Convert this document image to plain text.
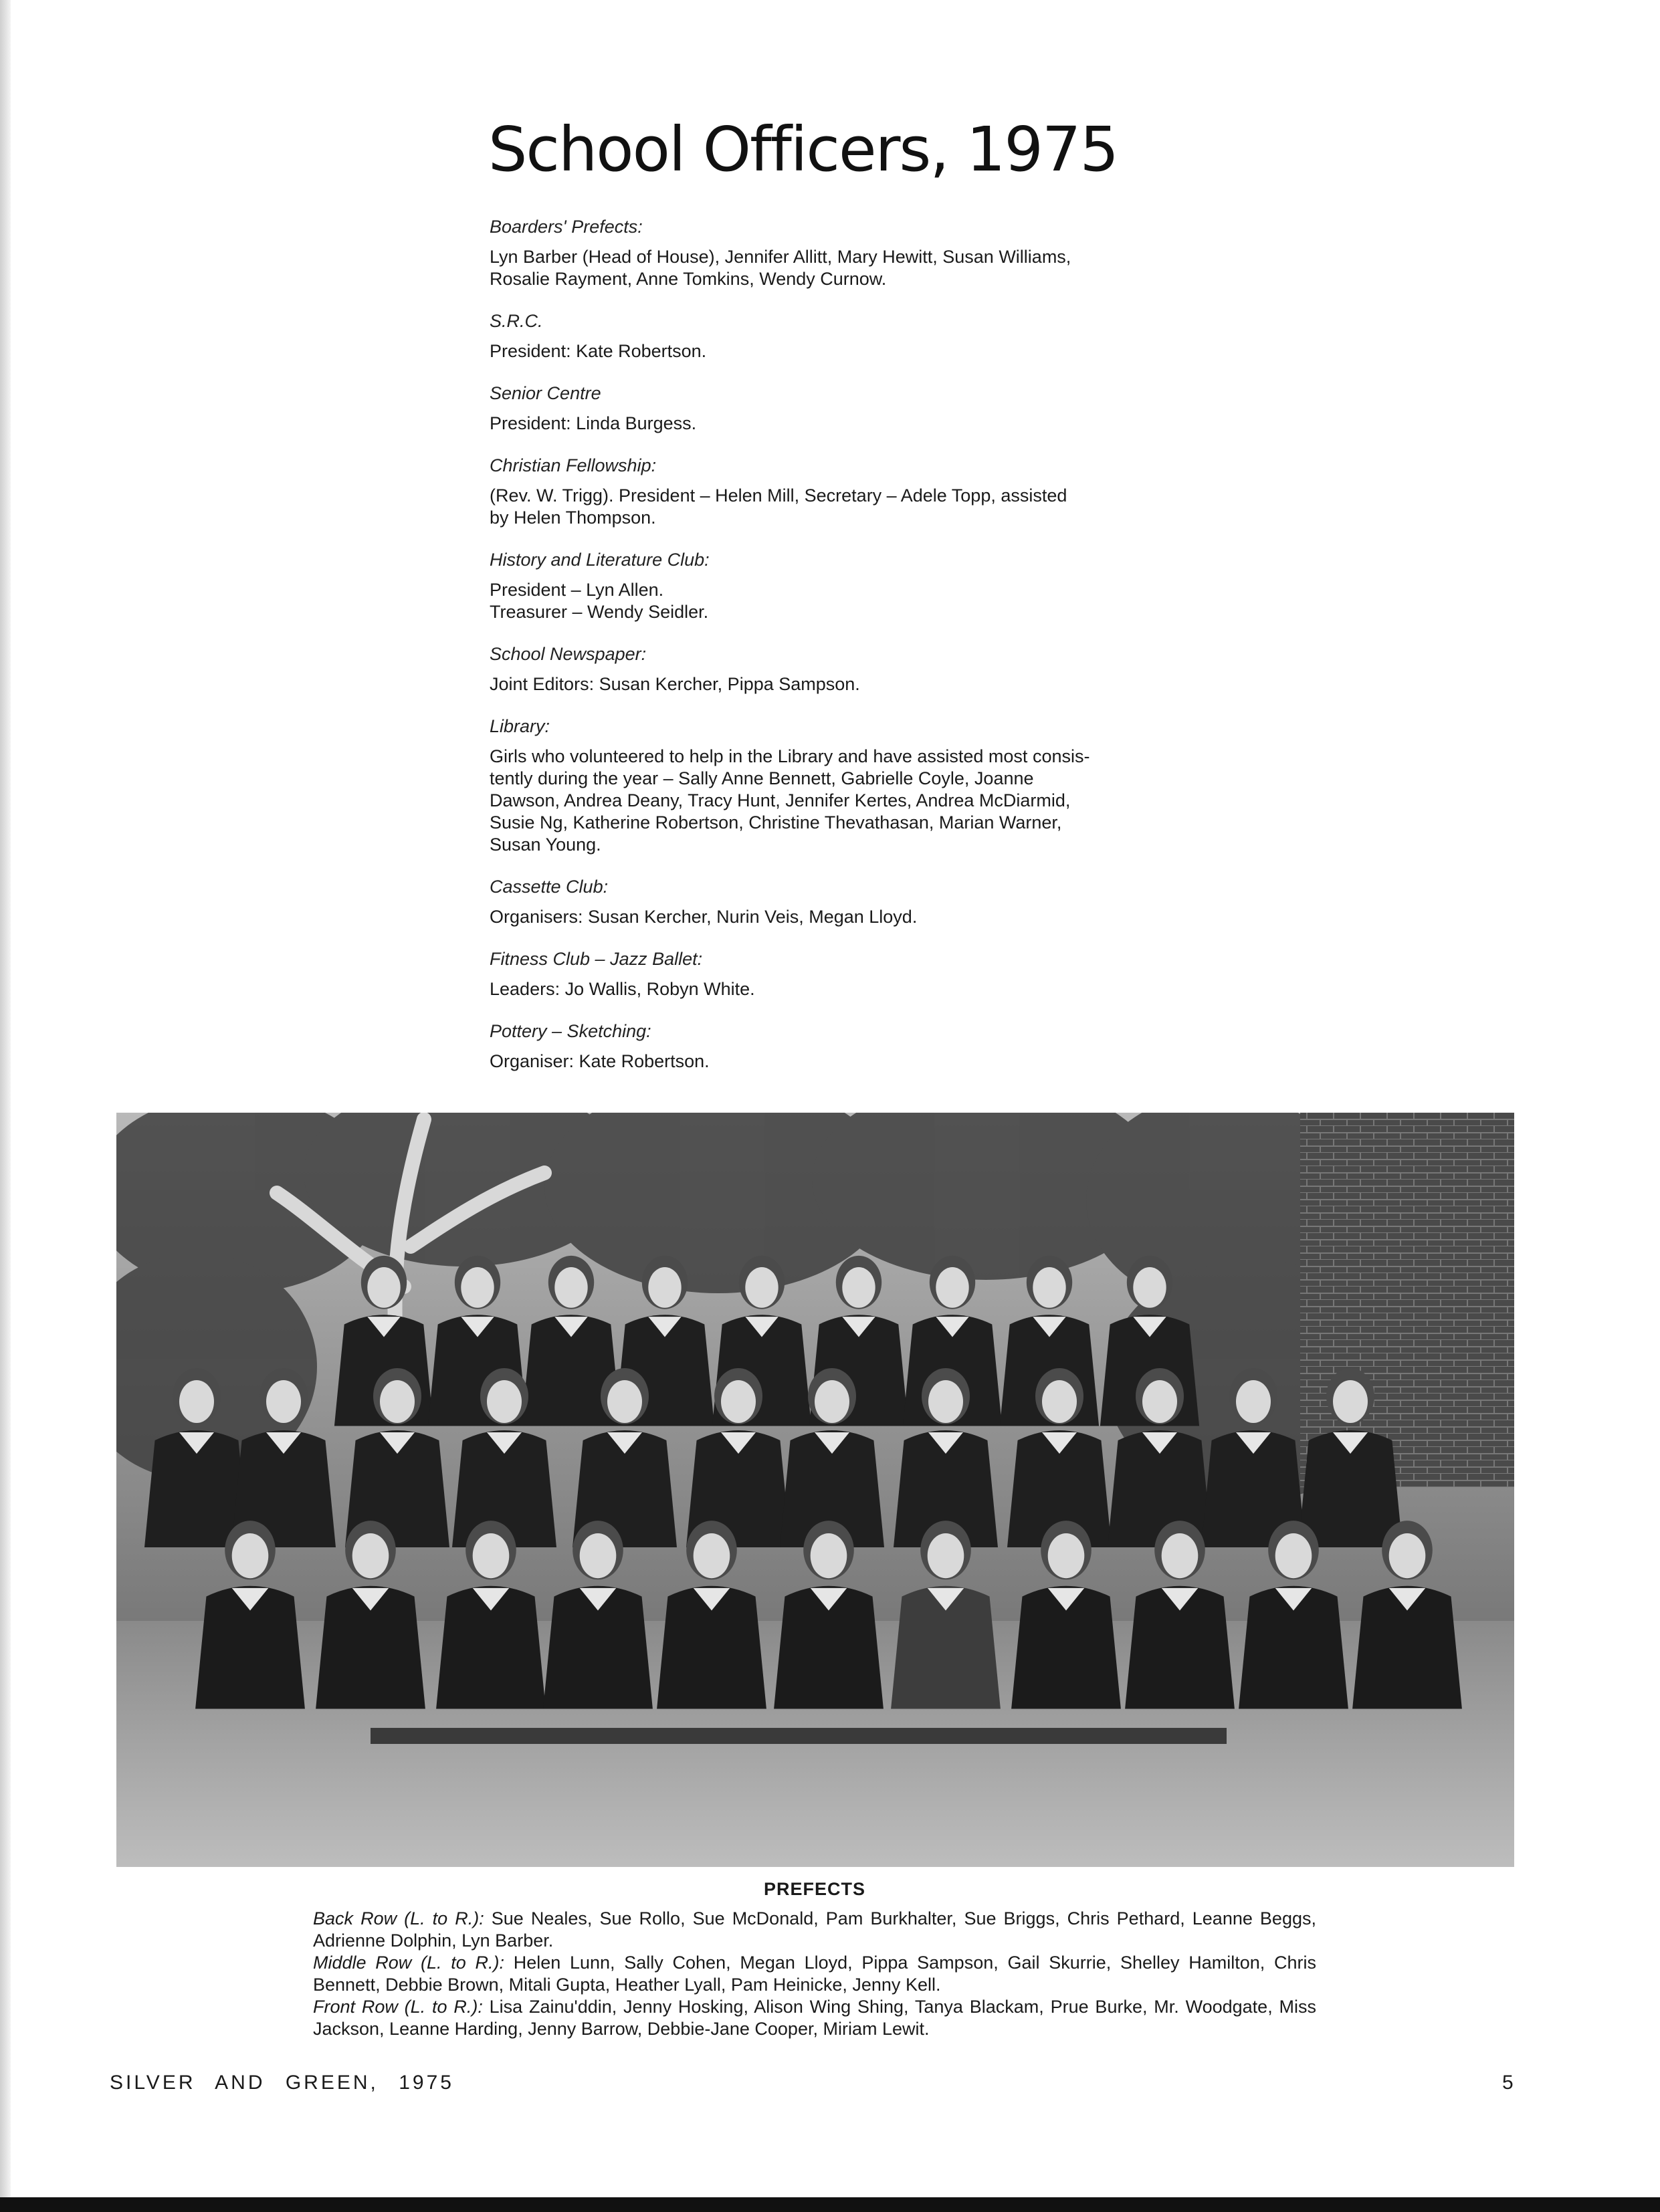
School Officers, 1975
Boarders' Prefects:

Lyn Barber (Head of House), Jennifer Allitt, Mary Hewitt, Susan Williams,
Rosalie Rayment, Anne Tomkins, Wendy Curnow.

S.R.C.

President: Kate Robertson.

Senior Centre

President: Linda Burgess.

Christian Fellowship:

(Rev. W. Trigg). President – Helen Mill, Secretary – Adele Topp, assisted
by Helen Thompson.

History and Literature Club:

President – Lyn Allen.
Treasurer – Wendy Seidler.

School Newspaper:

Joint Editors: Susan Kercher, Pippa Sampson.

Library:

Girls who volunteered to help in the Library and have assisted most consis-
tently during the year – Sally Anne Bennett, Gabrielle Coyle, Joanne
Dawson, Andrea Deany, Tracy Hunt, Jennifer Kertes, Andrea McDiarmid,
Susie Ng, Katherine Robertson, Christine Thevathasan, Marian Warner,
Susan Young.

Cassette Club:

Organisers: Susan Kercher, Nurin Veis, Megan Lloyd.

Fitness Club – Jazz Ballet:

Leaders: Jo Wallis, Robyn White.

Pottery – Sketching:

Organiser: Kate Robertson.

PREFECTS

Back Row (L. to R.): Sue Neales, Sue Rollo, Sue McDonald, Pam Burkhalter, Sue Briggs, Chris Pethard, Leanne Beggs, Adrienne Dolphin, Lyn Barber.
Middle Row (L. to R.): Helen Lunn, Sally Cohen, Megan Lloyd, Pippa Sampson, Gail Skurrie, Shelley Hamilton, Chris Bennett, Debbie Brown, Mitali Gupta, Heather Lyall, Pam Heinicke, Jenny Kell.
Front Row (L. to R.): Lisa Zainu'ddin, Jenny Hosking, Alison Wing Shing, Tanya Blackam, Prue Burke, Mr. Woodgate, Miss Jackson, Leanne Harding, Jenny Barrow, Debbie-Jane Cooper, Miriam Lewit.

SILVER AND GREEN, 1975	5
